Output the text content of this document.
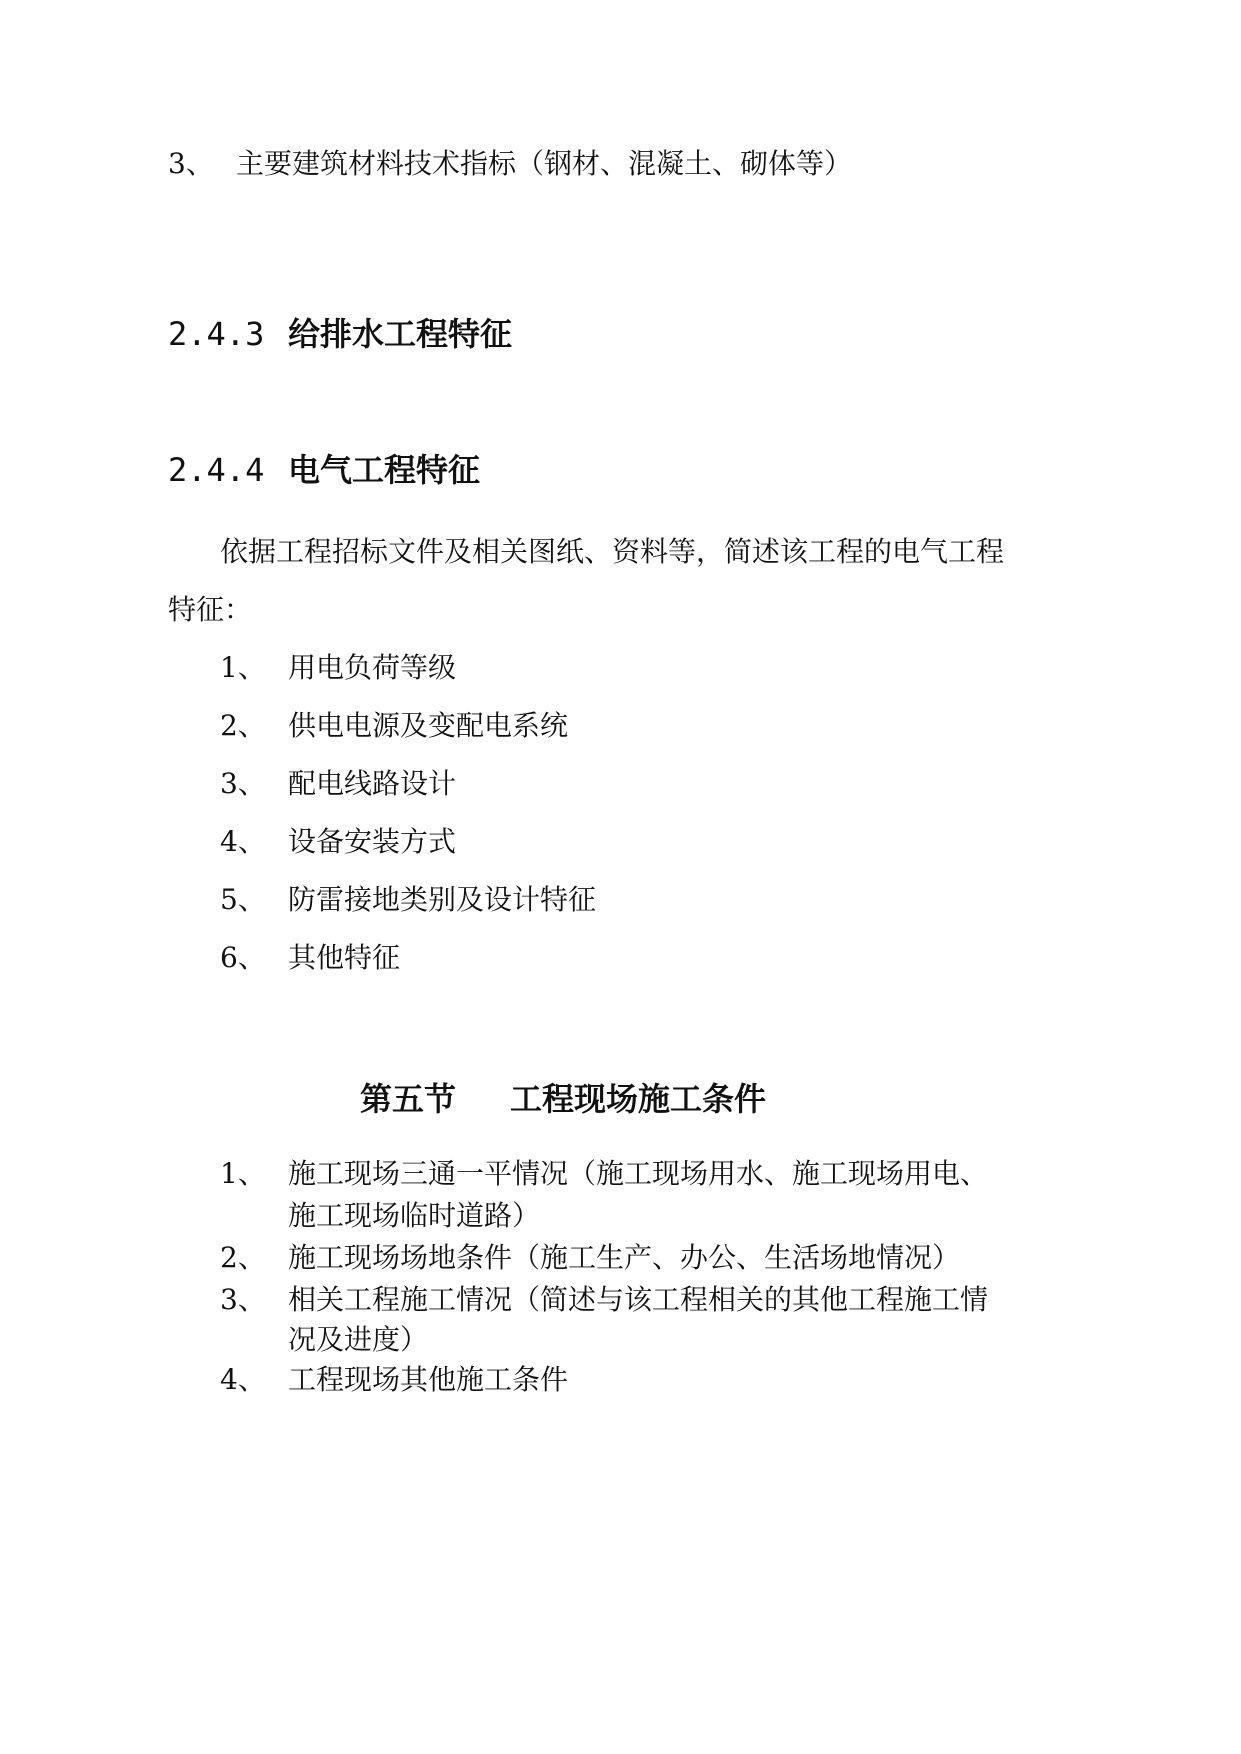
3、 主要建筑材料技术指标（钢材、混凝土、砌体等）
2.4.3 给排水工程特征
2.4.4 电气工程特征
依据工程招标文件及相关图纸、资料等，简述该工程的电气工程
特征：
1、 用电负荷等级
2、 供电电源及变配电系统
3、 配电线路设计
4、 设备安装方式
5、 防雷接地类别及设计特征
6、 其他特征
第五节 工程现场施工条件
1、 施工现场三通一平情况（施工现场用水、施工现场用电、
施工现场临时道路）
2、 施工现场场地条件（施工生产、办公、生活场地情况）
3、 相关工程施工情况（简述与该工程相关的其他工程施工情
况及进度）
4、 工程现场其他施工条件
